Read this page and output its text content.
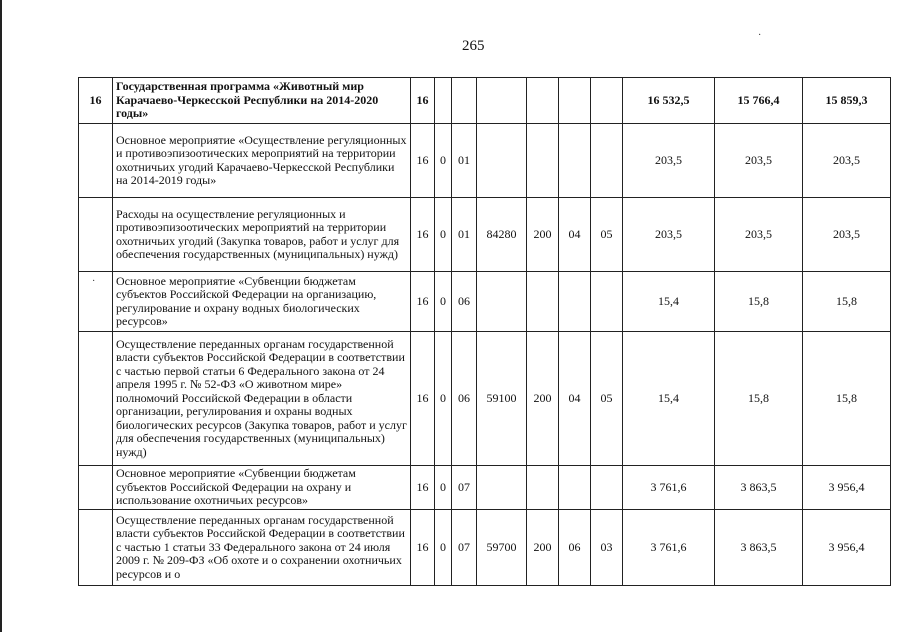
·
·
265
16	Государственная программа «Животный мир Карачаево-Черкесской Республики на 2014-2020 годы»	16							16 532,5	15 766,4	15 859,3
	Основное мероприятие «Осуществление регуляционных и противоэпизоотических мероприятий на территории охотничьих угодий Карачаево-Черкесской Республики на 2014-2019 годы»	16	0	01					203,5	203,5	203,5
	Расходы на осуществление регуляционных и противоэпизоотических мероприятий на территории охотничьих угодий (Закупка товаров, работ и услуг для обеспечения государственных (муниципальных) нужд)	16	0	01	84280	200	04	05	203,5	203,5	203,5
	Основное мероприятие «Субвенции бюджетам субъектов Российской Федерации на организацию, регулирование и охрану водных биологических ресурсов»	16	0	06					15,4	15,8	15,8
	Осуществление переданных органам государственной власти субъектов Российской Федерации в соответствии с частью первой статьи 6 Федерального закона от 24 апреля 1995 г. № 52-ФЗ «О животном мире» полномочий Российской Федерации в области организации, регулирования и охраны водных биологических ресурсов (Закупка товаров, работ и услуг для обеспечения государственных (муниципальных) нужд)	16	0	06	59100	200	04	05	15,4	15,8	15,8
	Основное мероприятие «Субвенции бюджетам субъектов Российской Федерации на охрану и использование охотничьих ресурсов»	16	0	07					3 761,6	3 863,5	3 956,4
	Осуществление переданных органам государственной власти субъектов Российской Федерации в соответствии с частью 1 статьи 33 Федерального закона от 24 июля 2009 г. № 209-ФЗ «Об охоте и о сохранении охотничьих ресурсов и о	16	0	07	59700	200	06	03	3 761,6	3 863,5	3 956,4
